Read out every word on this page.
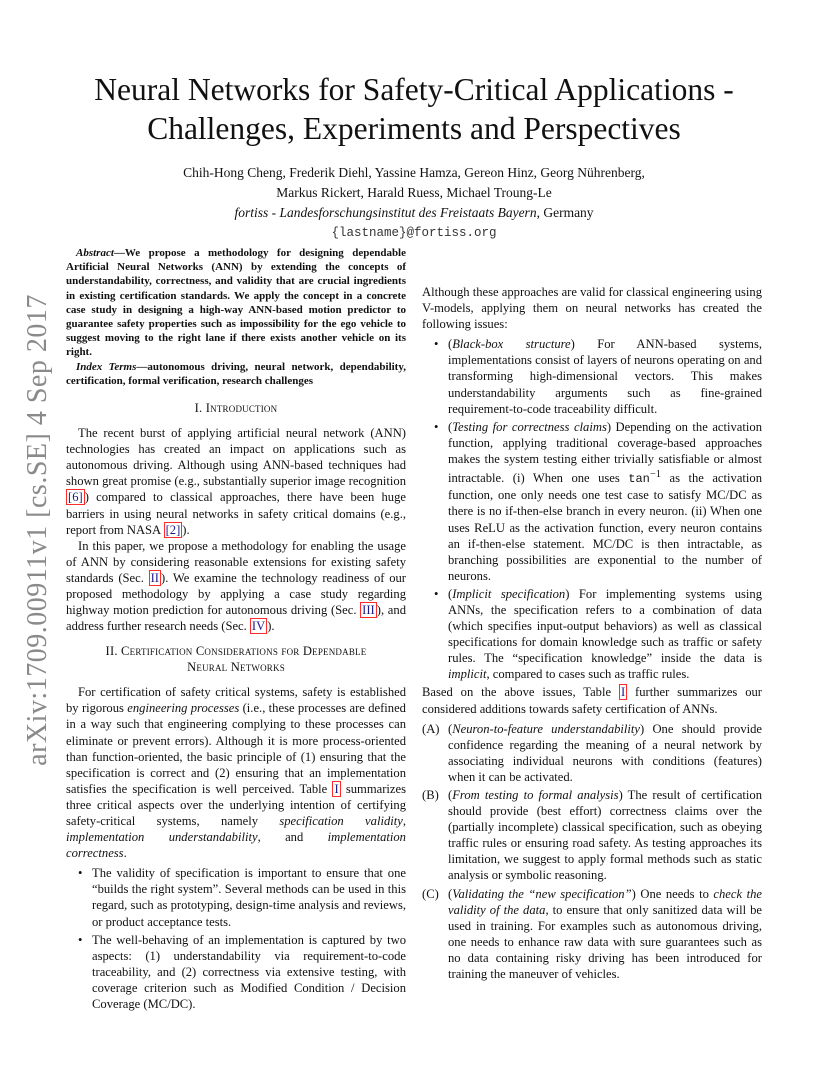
arXiv:1709.00911v1 [cs.SE] 4 Sep 2017
Neural Networks for Safety-Critical Applications -
Challenges, Experiments and Perspectives
Chih-Hong Cheng, Frederik Diehl, Yassine Hamza, Gereon Hinz, Georg Nührenberg,
Markus Rickert, Harald Ruess, Michael Troung-Le
fortiss - Landesforschungsinstitut des Freistaats Bayern, Germany
{lastname}@fortiss.org

Abstract—We propose a methodology for designing dependable Artificial Neural Networks (ANN) by extending the concepts of understandability, correctness, and validity that are crucial ingredients in existing certification standards. We apply the concept in a concrete case study in designing a high-way ANN-based motion predictor to guarantee safety properties such as impossibility for the ego vehicle to suggest moving to the right lane if there exists another vehicle on its right.

Index Terms—autonomous driving, neural network, dependability, certification, formal verification, research challenges

I. Introduction

The recent burst of applying artificial neural network (ANN) technologies has created an impact on applications such as autonomous driving. Although using ANN-based techniques had shown great promise (e.g., substantially superior image recognition [6] ) compared to classical approaches, there have been huge barriers in using neural networks in safety critical domains (e.g., report from NASA [2] ).

In this paper, we propose a methodology for enabling the usage of ANN by considering reasonable extensions for existing safety standards (Sec. II ). We examine the technology readiness of our proposed methodology by applying a case study regarding highway motion prediction for autonomous driving (Sec. III ), and address further research needs (Sec. IV ).

II. Certification Considerations for Dependable
Neural Networks

For certification of safety critical systems, safety is established by rigorous engineering processes (i.e., these processes are defined in a way such that engineering complying to these processes can eliminate or prevent errors). Although it is more process-oriented than function-oriented, the basic principle of (1) ensuring that the specification is correct and (2) ensuring that an implementation satisfies the specification is well perceived. Table I summarizes three critical aspects over the underlying intention of certifying safety-critical systems, namely specification validity, implementation understandability, and implementation correctness.

• The validity of specification is important to ensure that one “builds the right system”. Several methods can be used in this regard, such as prototyping, design-time analysis and reviews, or product acceptance tests.
• The well-behaving of an implementation is captured by two aspects: (1) understandability via requirement-to-code traceability, and (2) correctness via extensive testing, with coverage criterion such as Modified Condition / Decision Coverage (MC/DC).

Although these approaches are valid for classical engineering using V-models, applying them on neural networks has created the following issues:

• (Black-box structure) For ANN-based systems, implementations consist of layers of neurons operating on and transforming high-dimensional vectors. This makes understandability arguments such as fine-grained requirement-to-code traceability difficult.
• (Testing for correctness claims) Depending on the activation function, applying traditional coverage-based approaches makes the system testing either trivially satisfiable or almost intractable. (i) When one uses $\tan^{-1}$ as the activation function, one only needs one test case to satisfy MC/DC as there is no if-then-else branch in every neuron. (ii) When one uses ReLU as the activation function, every neuron contains an if-then-else statement. MC/DC is then intractable, as branching possibilities are exponential to the number of neurons.
• (Implicit specification) For implementing systems using ANNs, the specification refers to a combination of data (which specifies input-output behaviors) as well as classical specifications for domain knowledge such as traffic or safety rules. The “specification knowledge” inside the data is implicit, compared to cases such as traffic rules.

Based on the above issues, Table I further summarizes our considered additions towards safety certification of ANNs.

(A) (Neuron-to-feature understandability) One should provide confidence regarding the meaning of a neural network by associating individual neurons with conditions (features) when it can be activated.
(B) (From testing to formal analysis) The result of certification should provide (best effort) correctness claims over the (partially incomplete) classical specification, such as obeying traffic rules or ensuring road safety. As testing approaches its limitation, we suggest to apply formal methods such as static analysis or symbolic reasoning.
(C) (Validating the “new specification”) One needs to check the validity of the data, to ensure that only sanitized data will be used in training. For examples such as autonomous driving, one needs to enhance raw data with sure guarantees such as no data containing risky driving has been introduced for training the maneuver of vehicles.
